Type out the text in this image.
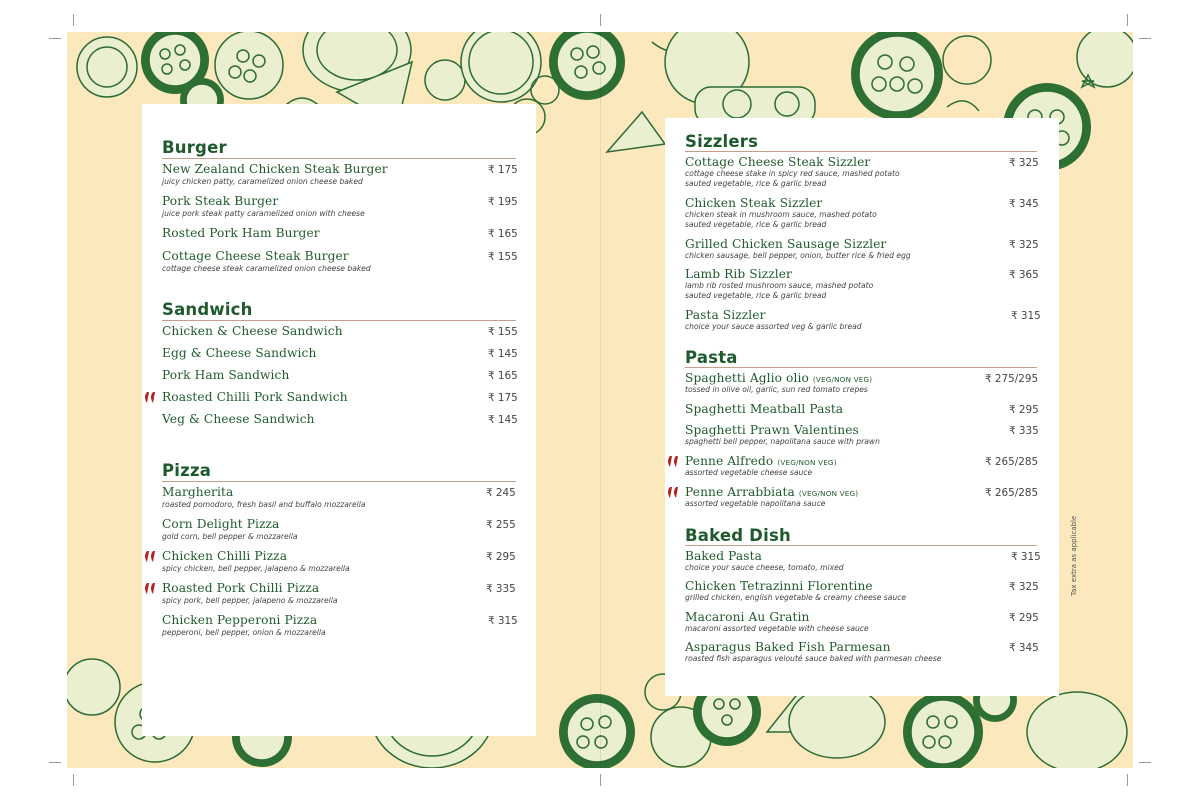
Burger
New Zealand Chicken Steak Burger
juicy chicken patty, caramelized onion cheese baked
₹ 175
Pork Steak Burger
juice pork steak patty caramelized onion with cheese
₹ 195
Rosted Pork Ham Burger	₹ 165
Cottage Cheese Steak Burger
cottage cheese steak caramelized onion cheese baked
₹ 155
Sandwich
Chicken & Cheese Sandwich	₹ 155
Egg & Cheese Sandwich	₹ 145
Pork Ham Sandwich	₹ 165
Roasted Chilli Pork Sandwich	₹ 175
Veg & Cheese Sandwich	₹ 145
Pizza
Margherita
roasted pomodoro, fresh basil and buffalo mozzarella
₹ 245
Corn Delight Pizza
gold corn, bell pepper & mozzarella
₹ 255
Chicken Chilli Pizza
spicy chicken, bell pepper, jalapeno & mozzarella
₹ 295
Roasted Pork Chilli Pizza
spicy pork, bell pepper, jalapeno & mozzarella
₹ 335
Chicken Pepperoni Pizza
pepperoni, bell pepper, onion & mozzarella
₹ 315
Sizzlers
Cottage Cheese Steak Sizzler
cottage cheese stake in spicy red sauce, mashed potato
sauted vegetable, rice & garlic bread
₹ 325
Chicken Steak Sizzler
chicken steak in mushroom sauce, mashed potato
sauted vegetable, rice & garlic bread
₹ 345
Grilled Chicken Sausage Sizzler
chicken sausage, bell pepper, onion, butter rice & fried egg
₹ 325
Lamb Rib Sizzler
lamb rib rosted mushroom sauce, mashed potato
sauted vegetable, rice & garlic bread
₹ 365
Pasta Sizzler
choice your sauce assorted veg & garlic bread
₹ 315
Pasta
Spaghetti Aglio olio (VEG/NON VEG)
tossed in olive oil, garlic, sun red tomato crepes
₹ 275/295
Spaghetti Meatball Pasta	₹ 295
Spaghetti Prawn Valentines
spaghetti bell pepper, napolitana sauce with prawn
₹ 335
Penne Alfredo (VEG/NON VEG)
assorted vegetable cheese sauce
₹ 265/285
Penne Arrabbiata (VEG/NON VEG)
assorted vegetable napolitana sauce
₹ 265/285
Baked Dish
Baked Pasta
choice your sauce cheese, tomato, mixed
₹ 315
Chicken Tetrazinni Florentine
grilled chicken, english vegetable & creamy cheese sauce
₹ 325
Macaroni Au Gratin
macaroni assorted vegetable with cheese sauce
₹ 295
Asparagus Baked Fish Parmesan
roasted fish asparagus velouté sauce baked with parmesan cheese
₹ 345
Tax extra as applicable
